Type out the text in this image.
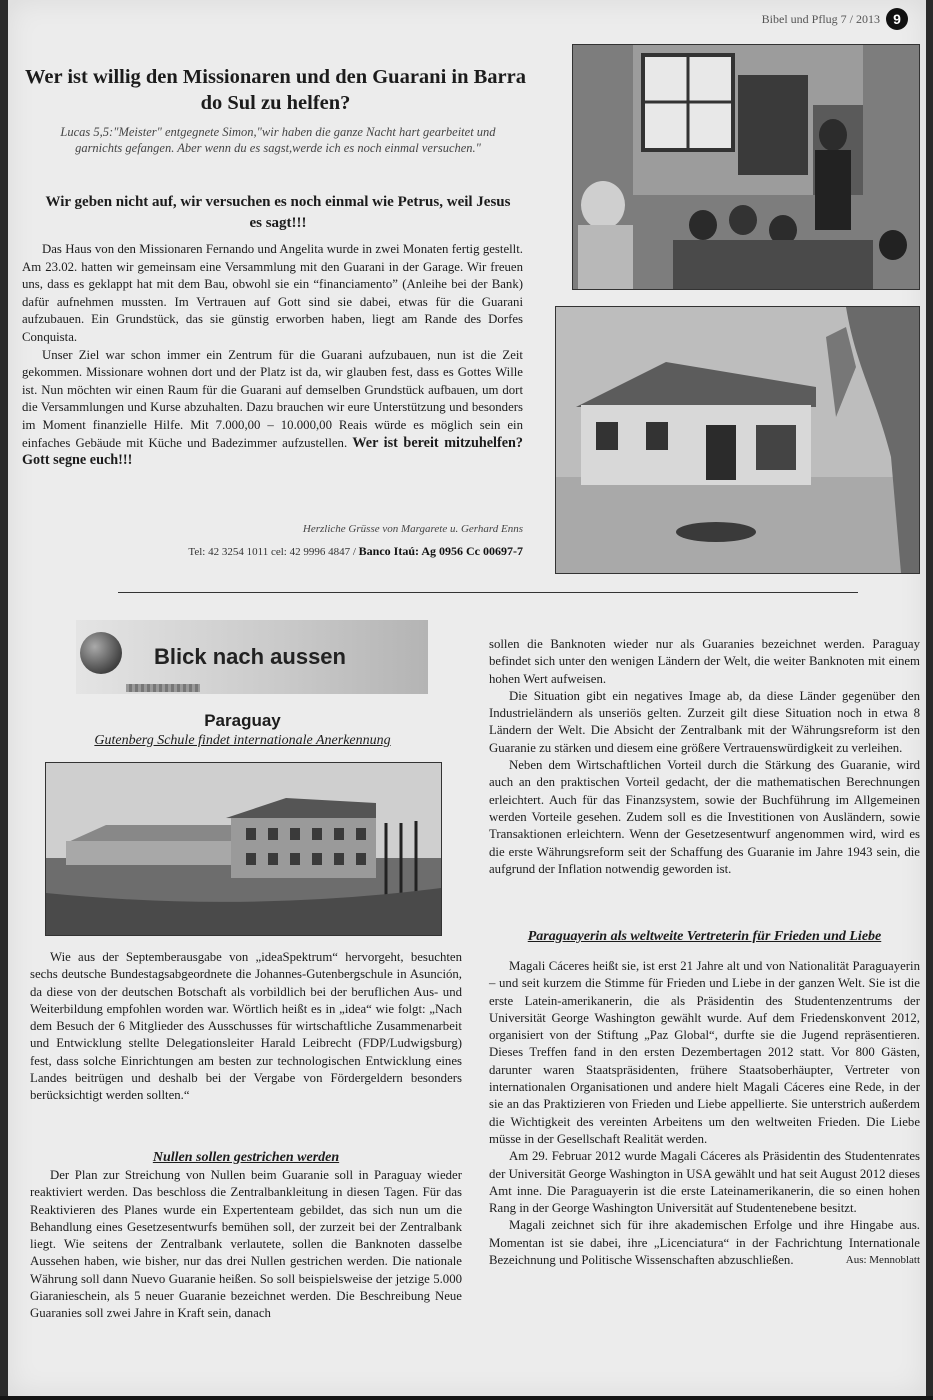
Bibel und Pflug 7 / 2013 9
Wer ist willig den Missionaren und den Guarani in Barra do Sul zu helfen?
Lucas 5,5:"Meister" entgegnete Simon,"wir haben die ganze Nacht hart gearbeitet und garnichts gefangen. Aber wenn du es sagst,werde ich es noch einmal versuchen."
Wir geben nicht auf, wir versuchen es noch einmal wie Petrus, weil Jesus es sagt!!!

Das Haus von den Missionaren Fernando und Angelita wurde in zwei Monaten fertig gestellt. Am 23.02. hatten wir gemeinsam eine Versammlung mit den Guarani in der Garage. Wir freuen uns, dass es geklappt hat mit dem Bau, obwohl sie ein “financiamento” (Anleihe bei der Bank) dafür aufnehmen mussten. Im Vertrauen auf Gott sind sie dabei, etwas für die Guarani aufzubauen. Ein Grundstück, das sie günstig erworben haben, liegt am Rande des Dorfes Conquista.

Unser Ziel war schon immer ein Zentrum für die Guarani aufzubauen, nun ist die Zeit gekommen. Missionare wohnen dort und der Platz ist da, wir glauben fest, dass es Gottes Wille ist. Nun möchten wir einen Raum für die Guarani auf demselben Grundstück aufbauen, um dort die Versammlungen und Kurse abzuhalten. Dazu brauchen wir eure Unterstützung und besonders im Moment finanzielle Hilfe. Mit 7.000,00 – 10.000,00 Reais würde es möglich sein ein einfaches Gebäude mit Küche und Badezimmer aufzustellen. Wer ist bereit mitzuhelfen? Gott segne euch!!!

Herzliche Grüsse von Margarete u. Gerhard Enns
Tel: 42 3254 1011 cel: 42 9996 4847 / Banco Itaú: Ag 0956 Cc 00697-7
Blick nach aussen
Paraguay
Gutenberg Schule findet internationale Anerkennung

Wie aus der Septemberausgabe von „ideaSpektrum“ hervorgeht, besuchten sechs deutsche Bundestagsabgeordnete die Johannes-Gutenbergschule in Asunción, da diese von der deutschen Botschaft als vorbildlich bei der beruflichen Aus- und Weiterbildung empfohlen worden war. Wörtlich heißt es in „idea“ wie folgt: „Nach dem Besuch der 6 Mitglieder des Ausschusses für wirtschaftliche Zusammenarbeit und Entwicklung stellte Delegationsleiter Harald Leibrecht (FDP/Ludwigsburg) fest, dass solche Einrichtungen am besten zur technologischen Entwicklung eines Landes beitrügen und deshalb bei der Vergabe von Fördergeldern besonders berücksichtigt werden sollten.“

Nullen sollen gestrichen werden

Der Plan zur Streichung von Nullen beim Guaranie soll in Paraguay wieder reaktiviert werden. Das beschloss die Zentralbankleitung in diesen Tagen. Für das Reaktivieren des Planes wurde ein Expertenteam gebildet, das sich nun um die Behandlung eines Gesetzesentwurfs bemühen soll, der zurzeit bei der Zentralbank liegt. Wie seitens der Zentralbank verlautete, sollen die Banknoten dasselbe Aussehen haben, wie bisher, nur das drei Nullen gestrichen werden. Die nationale Währung soll dann Nuevo Guaranie heißen. So soll beispielsweise der jetzige 5.000 Giaranieschein, als 5 neuer Guaranie bezeichnet werden. Die Beschreibung Neue Guaranies soll zwei Jahre in Kraft sein, danach

sollen die Banknoten wieder nur als Guaranies bezeichnet werden. Paraguay befindet sich unter den wenigen Ländern der Welt, die weiter Banknoten mit einem hohen Wert aufweisen.

Die Situation gibt ein negatives Image ab, da diese Länder gegenüber den Industrieländern als unseriös gelten. Zurzeit gilt diese Situation noch in etwa 8 Ländern der Welt. Die Absicht der Zentralbank mit der Währungsreform ist den Guaranie zu stärken und diesem eine größere Vertrauenswürdigkeit zu verleihen.

Neben dem Wirtschaftlichen Vorteil durch die Stärkung des Guaranie, wird auch an den praktischen Vorteil gedacht, der die mathematischen Berechnungen erleichtert. Auch für das Finanzsystem, sowie der Buchführung im Allgemeinen werden Vorteile gesehen. Zudem soll es die Investitionen von Ausländern, sowie Transaktionen erleichtern. Wenn der Gesetzesentwurf angenommen wird, wird es die erste Währungsreform seit der Schaffung des Guaranie im Jahre 1943 sein, die aufgrund der Inflation notwendig geworden ist.

Paraguayerin als weltweite Vertreterin für Frieden und Liebe

Magali Cáceres heißt sie, ist erst 21 Jahre alt und von Nationalität Paraguayerin – und seit kurzem die Stimme für Frieden und Liebe in der ganzen Welt. Sie ist die erste Latein-amerikanerin, die als Präsidentin des Studentenzentrums der Universität George Washington gewählt wurde. Auf dem Friedenskonvent 2012, organisiert von der Stiftung „Paz Global“, durfte sie die Jugend repräsentieren. Dieses Treffen fand in den ersten Dezembertagen 2012 statt. Vor 800 Gästen, darunter waren Staatspräsidenten, frühere Staatsoberhäupter, Vertreter von internationalen Organisationen und andere hielt Magali Cáceres eine Rede, in der sie an das Praktizieren von Frieden und Liebe appellierte. Sie unterstrich außerdem die Wichtigkeit des vereinten Arbeitens um den weltweiten Frieden. Die Liebe müsse in der Gesellschaft Realität werden.

Am 29. Februar 2012 wurde Magali Cáceres als Präsidentin des Studentenrates der Universität George Washington in USA gewählt und hat seit August 2012 dieses Amt inne. Die Paraguayerin ist die erste Lateinamerikanerin, die so einen hohen Rang in der George Washington Universität auf Studentenebene besitzt.

Magali zeichnet sich für ihre akademischen Erfolge und ihre Hingabe aus. Momentan ist sie dabei, ihre „Licenciatura“ in der Fachrichtung Internationale Bezeichnung und Politische Wissenschaften abzuschließen.	Aus: Mennoblatt
